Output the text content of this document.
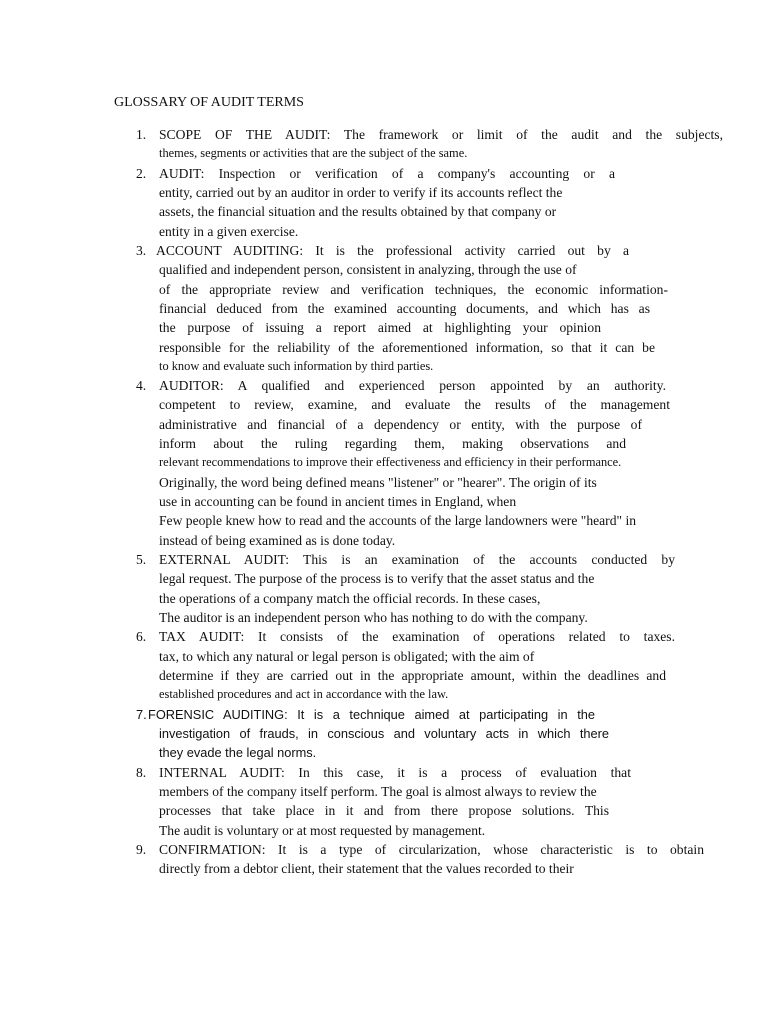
GLOSSARY OF AUDIT TERMS
1. SCOPE OF THE AUDIT: The framework or limit of the audit and the subjects,
themes, segments or activities that are the subject of the same.
2. AUDIT: Inspection or verification of a company's accounting or a
entity, carried out by an auditor in order to verify if its accounts reflect the
assets, the financial situation and the results obtained by that company or
entity in a given exercise.
3. ACCOUNT AUDITING: It is the professional activity carried out by a
qualified and independent person, consistent in analyzing, through the use of
of the appropriate review and verification techniques, the economic information-
financial deduced from the examined accounting documents, and which has as
the purpose of issuing a report aimed at highlighting your opinion
responsible for the reliability of the aforementioned information, so that it can be
to know and evaluate such information by third parties.
4. AUDITOR: A qualified and experienced person appointed by an authority.
competent to review, examine, and evaluate the results of the management
administrative and financial of a dependency or entity, with the purpose of
inform about the ruling regarding them, making observations and
relevant recommendations to improve their effectiveness and efficiency in their performance.
Originally, the word being defined means "listener" or "hearer". The origin of its
use in accounting can be found in ancient times in England, when
Few people knew how to read and the accounts of the large landowners were "heard" in
instead of being examined as is done today.
5. EXTERNAL AUDIT: This is an examination of the accounts conducted by
legal request. The purpose of the process is to verify that the asset status and the
the operations of a company match the official records. In these cases,
The auditor is an independent person who has nothing to do with the company.
6. TAX AUDIT: It consists of the examination of operations related to taxes.
tax, to which any natural or legal person is obligated; with the aim of
determine if they are carried out in the appropriate amount, within the deadlines and
established procedures and act in accordance with the law.
7. FORENSIC AUDITING: It is a technique aimed at participating in the
investigation of frauds, in conscious and voluntary acts in which there
they evade the legal norms.
8. INTERNAL AUDIT: In this case, it is a process of evaluation that
members of the company itself perform. The goal is almost always to review the
processes that take place in it and from there propose solutions. This
The audit is voluntary or at most requested by management.
9. CONFIRMATION: It is a type of circularization, whose characteristic is to obtain
directly from a debtor client, their statement that the values recorded to their
